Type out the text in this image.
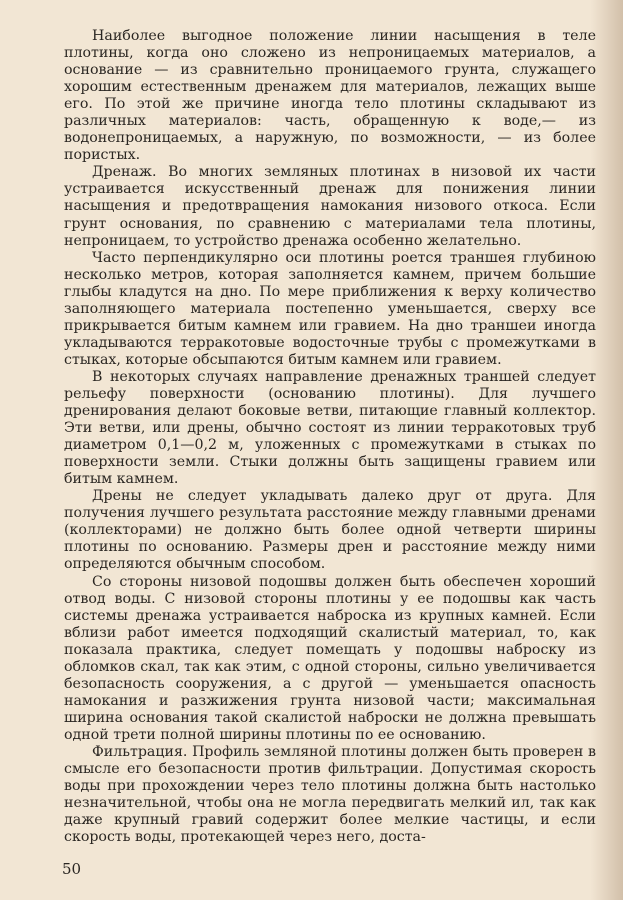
Наиболее выгодное положение линии насыщения в теле плотины, когда оно сложено из непроницаемых материалов, а основание — из сравнительно проницаемого грунта, служащего хорошим естественным дренажем для материалов, лежащих выше его. По этой же причине иногда тело плотины складывают из различных материалов: часть, обращенную к воде,— из водонепроницаемых, а наружную, по возможности, — из более пористых.

Дренаж. Во многих земляных плотинах в низовой их части устраивается искусственный дренаж для понижения линии насыщения и предотвращения намокания низового откоса. Если грунт основания, по сравнению с материалами тела плотины, непроницаем, то устройство дренажа особенно желательно.

Часто перпендикулярно оси плотины роется траншея глубиною несколько метров, которая заполняется камнем, причем большие глыбы кладутся на дно. По мере приближения к верху количество заполняющего материала постепенно уменьшается, сверху все прикрывается битым камнем или гравием. На дно траншеи иногда укладываются терракотовые водосточные трубы с промежутками в стыках, которые обсыпаются битым камнем или гравием.

В некоторых случаях направление дренажных траншей следует рельефу поверхности (основанию плотины). Для лучшего дренирования делают боковые ветви, питающие главный коллектор. Эти ветви, или дрены, обычно состоят из линии терракотовых труб диаметром 0,1—0,2 м, уложенных с промежутками в стыках по поверхности земли. Стыки должны быть защищены гравием или битым камнем.

Дрены не следует укладывать далеко друг от друга. Для получения лучшего результата расстояние между главными дренами (коллекторами) не должно быть более одной четверти ширины плотины по основанию. Размеры дрен и расстояние между ними определяются обычным способом.

Со стороны низовой подошвы должен быть обеспечен хороший отвод воды. С низовой стороны плотины у ее подошвы как часть системы дренажа устраивается наброска из крупных камней. Если вблизи работ имеется подходящий скалистый материал, то, как показала практика, следует помещать у подошвы наброску из обломков скал, так как этим, с одной стороны, сильно увеличивается безопасность сооружения, а с другой — уменьшается опасность намокания и разжижения грунта низовой части; максимальная ширина основания такой скалистой наброски не должна превышать одной трети полной ширины плотины по ее основанию.

Фильтрация. Профиль земляной плотины должен быть проверен в смысле его безопасности против фильтрации. Допустимая скорость воды при прохождении через тело плотины должна быть настолько незначительной, чтобы она не могла передвигать мелкий ил, так как даже крупный гравий содержит более мелкие частицы, и если скорость воды, протекающей через него, доста-

50
